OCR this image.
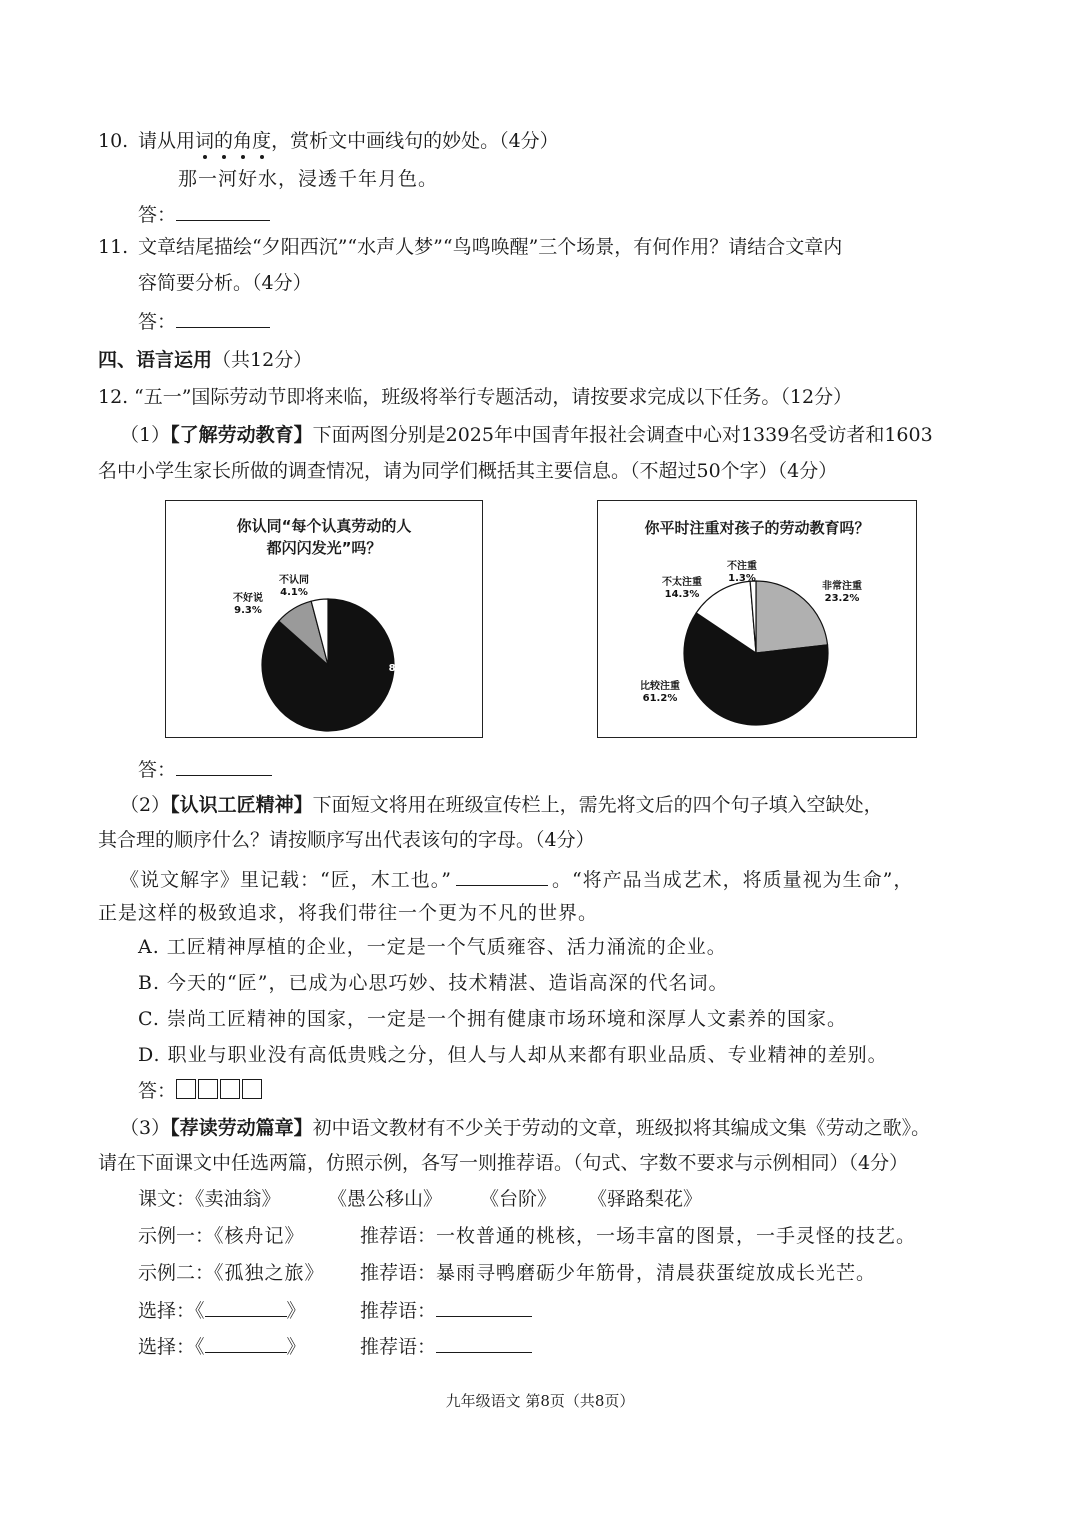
10. 请从用词的角度，赏析文中画线句的妙处。（4分）
那一河好水，浸透千年月色。
答：
11. 文章结尾描绘“夕阳西沉”“水声人梦”“鸟鸣唤醒”三个场景，有何作用？请结合文章内
容简要分析。（4分）
答：
四、语言运用（共12分）
12. “五一”国际劳动节即将来临，班级将举行专题活动，请按要求完成以下任务。（12分）
（1）【了解劳动教育】下面两图分别是2025年中国青年报社会调查中心对1339名受访者和1603
名中小学生家长所做的调查情况，请为同学们概括其主要信息。（不超过50个字）（4分）
你认同“每个认真劳动的人
都闪闪发光”吗？
认同
86.6%
不好说
9.3%
不认同
4.1%
你平时注重对孩子的劳动教育吗？
非常注重
23.2%
比较注重
61.2%
不太注重
14.3%
不注重
1.3%
答：
（2）【认识工匠精神】下面短文将用在班级宣传栏上，需先将文后的四个句子填入空缺处，
其合理的顺序什么？请按顺序写出代表该句的字母。（4分）
《说文解字》里记载：“匠，木工也。”	。“将产品当成艺术，将质量视为生命”，
正是这样的极致追求，将我们带往一个更为不凡的世界。
A. 工匠精神厚植的企业，一定是一个气质雍容、活力涌流的企业。
B. 今天的“匠”，已成为心思巧妙、技术精湛、造诣高深的代名词。
C. 崇尚工匠精神的国家，一定是一个拥有健康市场环境和深厚人文素养的国家。
D. 职业与职业没有高低贵贱之分，但人与人却从来都有职业品质、专业精神的差别。
答：
（3）【荐读劳动篇章】初中语文教材有不少关于劳动的文章，班级拟将其编成文集《劳动之歌》。
请在下面课文中任选两篇，仿照示例，各写一则推荐语。（句式、字数不要求与示例相同）（4分）
课文：《卖油翁》 《愚公移山》 《台阶》 《驿路梨花》
示例一：《核舟记》	推荐语：一枚普通的桃核，一场丰富的图景，一手灵怪的技艺。
示例二：《孤独之旅》 推荐语：暴雨寻鸭磨砺少年筋骨，清晨获蛋绽放成长光芒。
选择：《	》	推荐语：
选择：《	》	推荐语：
九年级语文 第8页（共8页）
